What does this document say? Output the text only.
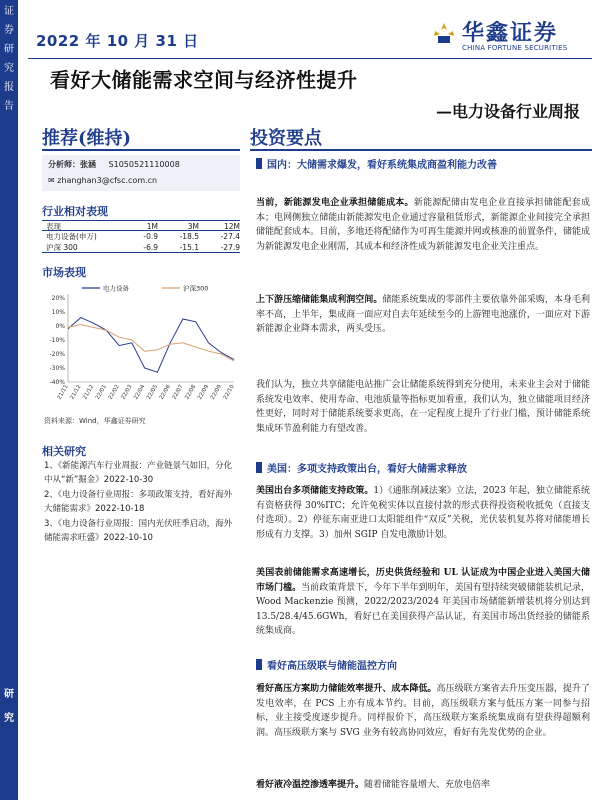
证
券
研
究
报
告
研
究
2022 年 10 月 31 日	华鑫证券
CHINA FORTUNE SECURITIES
看好大储能需求空间与经济性提升
—电力设备行业周报
推荐(维持)	投资要点
分析师：张涵 S1050521110008
✉ zhanghan3@cfsc.com.cn
行业相对表现
表现	1M	3M	12M
电力设备(申万)	-0.9	-18.5	-27.4
沪深 300	-6.9	-15.1	-27.9
市场表现
电力设备	沪深300
20%
10%
0%
-10%
-20%
-30%
-40%
21/11 21/12 21/12 22/01 22/02 22/03 22/04 22/05 22/06 22/07 22/08 22/09 22/09 22/10
资料来源：Wind，华鑫证券研究
相关研究
1、《新能源汽车行业周报：产业链景气如旧，分化中从“新”掘金》2022-10-30
2、《电力设备行业周报：多项政策支持，看好海外大储能需求》2022-10-18
3、《电力设备行业周报：国内光伏旺季启动，海外储能需求旺盛》2022-10-10
国内：大储需求爆发，看好系统集成商盈利能力改善
当前，新能源发电企业承担储能成本。新能源配储由发电企业直接承担储能配套成本；电网侧独立储能由新能源发电企业通过容量租赁形式，新能源企业间接完全承担储能配套成本。目前，多地还将配储作为可再生能源并网或核准的前置条件，储能成为新能源发电企业刚需，其成本和经济性成为新能源发电企业关注重点。
上下游压缩储能集成利润空间。储能系统集成的零部件主要依靠外部采购，本身毛利率不高，上半年，集成商一面应对自去年延续至今的上游锂电池涨价，一面应对下游新能源企业降本需求，两头受压。
我们认为，独立共享储能电站推广会让储能系统得到充分使用，未来业主会对于储能系统发电效率、使用寿命、电池质量等指标更加看重，我们认为，独立储能项目经济性更好，同时对于储能系统要求更高，在一定程度上提升了行业门槛，预计储能系统集成环节盈利能力有望改善。
美国：多项支持政策出台，看好大储需求释放
美国出台多项储能支持政策。1）《通胀削减法案》立法，2023 年起，独立储能系统有资格获得 30%ITC；允许免税实体以直接付款的形式获得投资税收抵免（直接支付选项）。2）停征东南亚进口太阳能组件“双反”关税，光伏装机复苏将对储能增长形成有力支撑。3）加州 SGIP 自发电激励计划。
美国表前储能需求高速增长，历史供货经验和 UL 认证成为中国企业进入美国大储市场门槛。当前政策背景下，今年下半年到明年，美国有望持续突破储能装机记录，Wood Mackenzie 预测，2022/2023/2024 年美国市场储能新增装机将分别达到 13.5/28.4/45.6GWh，看好已在美国获得产品认证，有美国市场出货经验的储能系统集成商。
看好高压级联与储能温控方向
看好高压方案助力储能效率提升、成本降低。高压级联方案省去升压变压器，提升了发电效率，在 PCS 上亦有成本节约。目前，高压级联方案与低压方案一同参与招标，业主接受度逐步提升。同样报价下，高压级联方案系统集成商有望获得超额利润。高压级联方案与 SVG 业务有较高协同效应，看好有先发优势的企业。
看好液冷温控渗透率提升。随着储能容量增大、充放电倍率
